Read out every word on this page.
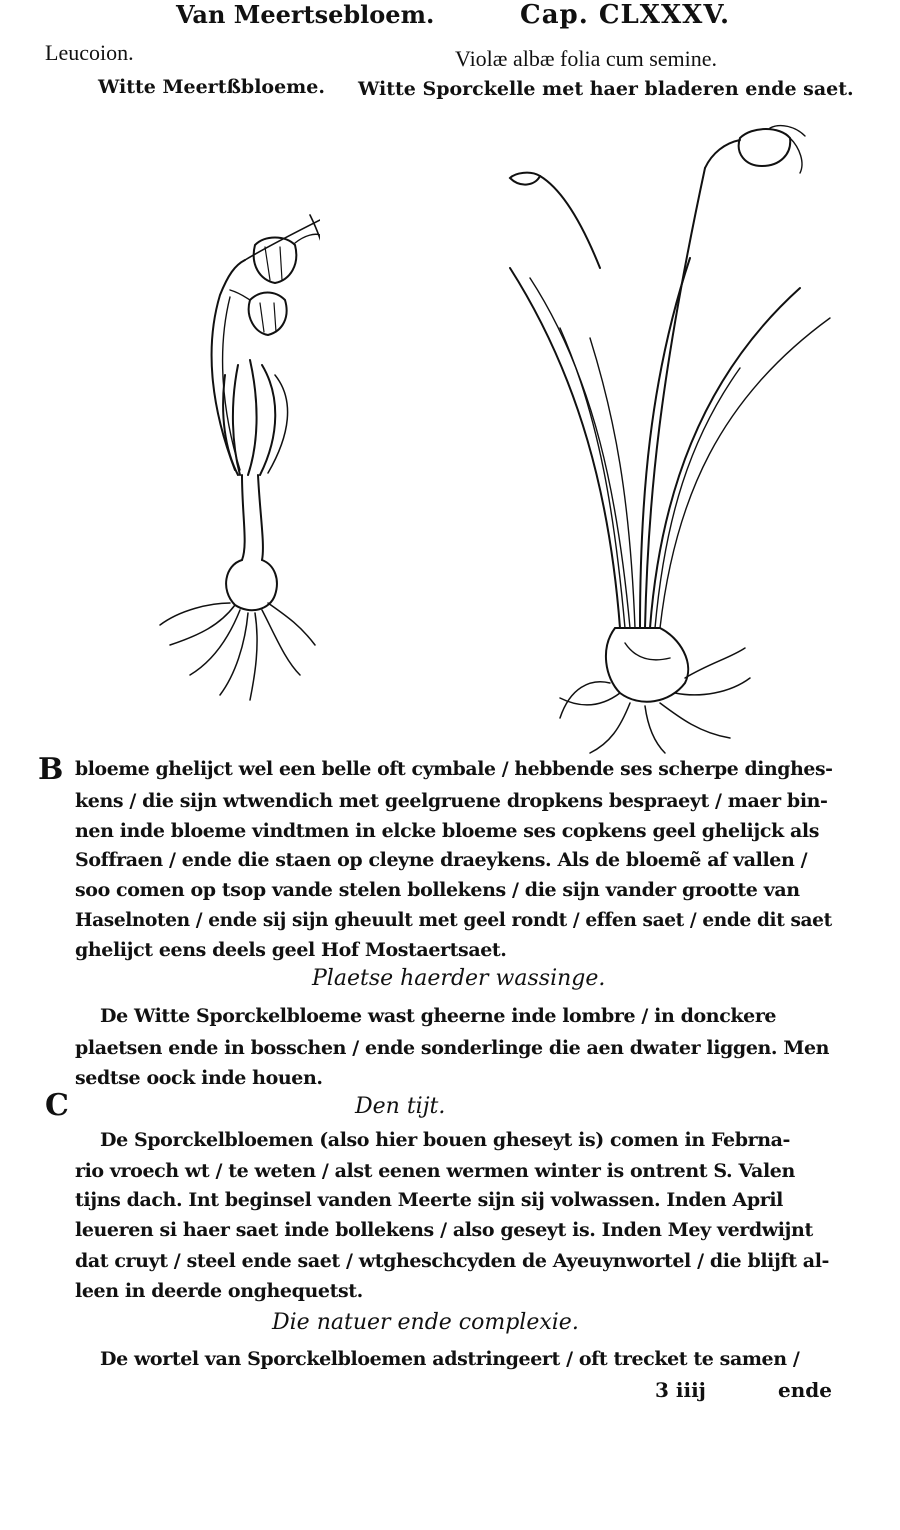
Van Meertsebloem.	Cap. CLXXXV.
Leucoion.	Violæ albæ folia cum semine.
Witte Meertßbloeme. Witte Sporckelle met haer bladeren ende saet.
B bloeme ghelijct wel een belle oft cymbale / hebbende ses scherpe dinghes-
kens / die sijn wtwendich met geelgruene dropkens bespraeyt / maer bin-
nen inde bloeme vindtmen in elcke bloeme ses copkens geel ghelijck als
Soffraen / ende die staen op cleyne draeykens. Als de bloemẽ af vallen /
soo comen op tsop vande stelen bollekens / die sijn vander grootte van
Haselnoten / ende sij sijn gheuult met geel rondt / effen saet / ende dit saet
ghelijct eens deels geel Hof Mostaertsaet.
Plaetse haerder wassinge.
De Witte Sporckelbloeme wast gheerne inde lombre / in donckere
plaetsen ende in bosschen / ende sonderlinge die aen dwater liggen. Men
sedtse oock inde houen.
C	Den tijt.
De Sporckelbloemen (also hier bouen gheseyt is) comen in Febrna-
rio vroech wt / te weten / alst eenen wermen winter is ontrent S. Valen
tijns dach. Int beginsel vanden Meerte sijn sij volwassen. Inden April
leueren si haer saet inde bollekens / also geseyt is. Inden Mey verdwijnt
dat cruyt / steel ende saet / wtgheschcyden de Ayeuynwortel / die blijft al-
leen in deerde onghequetst.
Die natuer ende complexie.
De wortel van Sporckelbloemen adstringeert / oft trecket te samen /
3 iiij	ende
